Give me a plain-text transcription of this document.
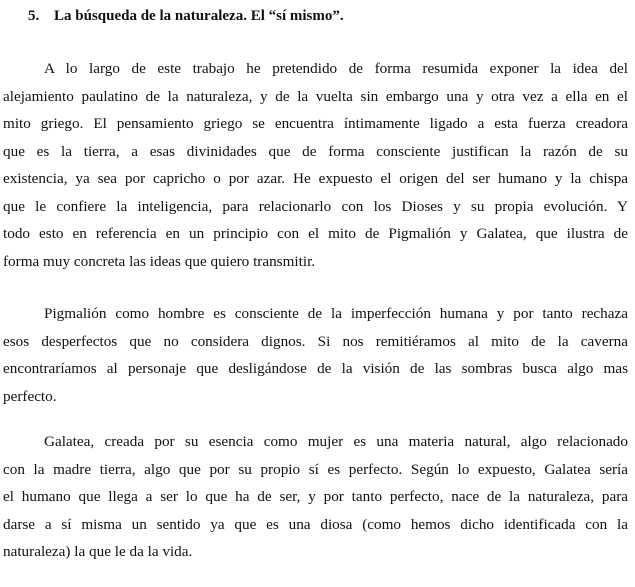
5. La búsqueda de la naturaleza. El “sí mismo”.
A lo largo de este trabajo he pretendido de forma resumida exponer la idea del
alejamiento paulatino de la naturaleza, y de la vuelta sin embargo una y otra vez a ella en el
mito griego. El pensamiento griego se encuentra íntimamente ligado a esta fuerza creadora
que es la tierra, a esas divinidades que de forma consciente justifican la razón de su
existencia, ya sea por capricho o por azar. He expuesto el origen del ser humano y la chispa
que le confiere la inteligencia, para relacionarlo con los Dioses y su propia evolución. Y
todo esto en referencia en un principio con el mito de Pigmalión y Galatea, que ilustra de
forma muy concreta las ideas que quiero transmitir.
Pigmalión como hombre es consciente de la imperfección humana y por tanto rechaza
esos desperfectos que no considera dignos. Si nos remitiéramos al mito de la caverna
encontraríamos al personaje que desligándose de la visión de las sombras busca algo mas
perfecto.
Galatea, creada por su esencia como mujer es una materia natural, algo relacionado
con la madre tierra, algo que por su propio sí es perfecto. Según lo expuesto, Galatea sería
el humano que llega a ser lo que ha de ser, y por tanto perfecto, nace de la naturaleza, para
darse a sí misma un sentido ya que es una diosa (como hemos dicho identificada con la
naturaleza) la que le da la vida.
